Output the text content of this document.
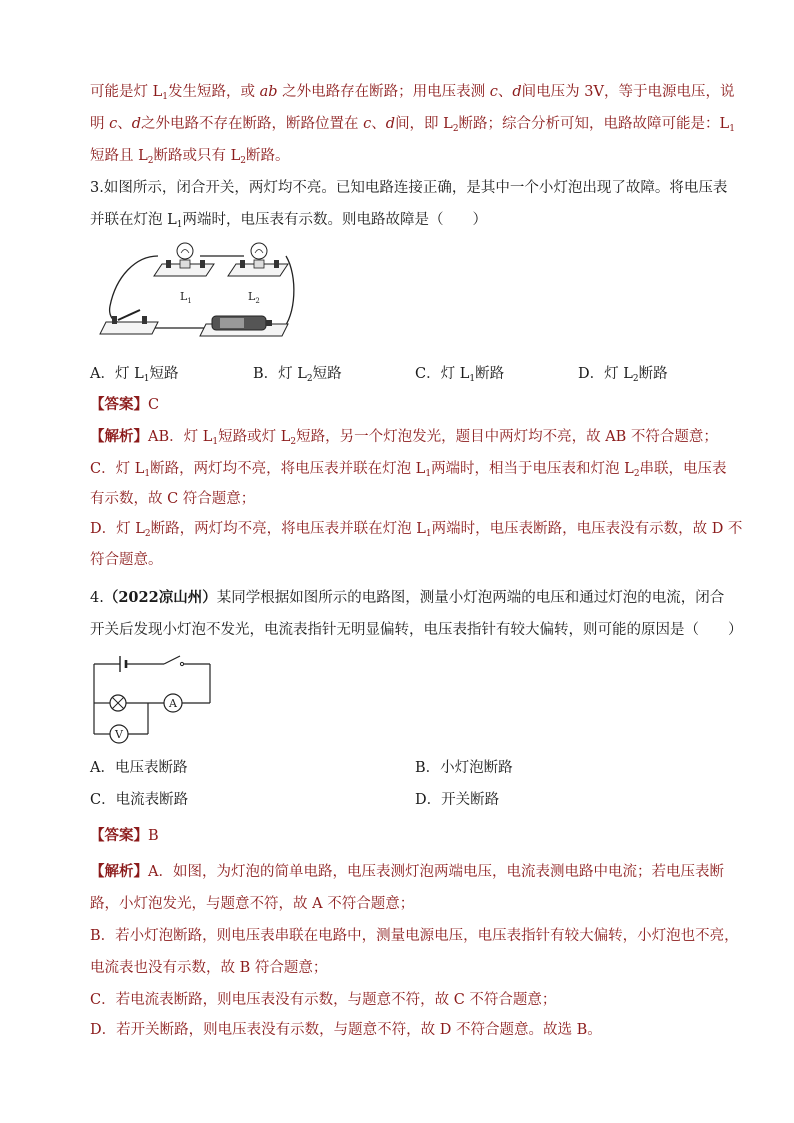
可能是灯 $L_1$发生短路，或 ab 之外电路存在断路；用电压表测 c、d间电压为 3V，等于电源电压，说
明 c、d之外电路不存在断路，断路位置在 c、d间，即 $L_2$断路；综合分析可知，电路故障可能是：$L_1$
短路且 $L_2$断路或只有 $L_2$断路。
3.如图所示，闭合开关，两灯均不亮。已知电路连接正确，是其中一个小灯泡出现了故障。将电压表
并联在灯泡 $L_1$两端时，电压表有示数。则电路故障是（　　）
$L_1$	$L_2$
A．灯 $L_1$短路	B．灯 $L_2$短路	C．灯 $L_1$断路	D．灯 $L_2$断路
【答案】C
【解析】AB．灯 $L_1$短路或灯 $L_2$短路，另一个灯泡发光，题目中两灯均不亮，故 AB 不符合题意；
C．灯 $L_1$断路，两灯均不亮，将电压表并联在灯泡 $L_1$两端时，相当于电压表和灯泡 $L_2$串联，电压表
有示数，故 C 符合题意；
D．灯 $L_2$断路，两灯均不亮，将电压表并联在灯泡 $L_1$两端时，电压表断路，电压表没有示数，故 D 不
符合题意。
4.（2022凉山州）某同学根据如图所示的电路图，测量小灯泡两端的电压和通过灯泡的电流，闭合
开关后发现小灯泡不发光，电流表指针无明显偏转，电压表指针有较大偏转，则可能的原因是（　　）
A
V
A．电压表断路	B．小灯泡断路
C．电流表断路	D．开关断路
【答案】B
【解析】A．如图，为灯泡的简单电路，电压表测灯泡两端电压，电流表测电路中电流；若电压表断
路，小灯泡发光，与题意不符，故 A 不符合题意；
B．若小灯泡断路，则电压表串联在电路中，测量电源电压，电压表指针有较大偏转，小灯泡也不亮，
电流表也没有示数，故 B 符合题意；
C．若电流表断路，则电压表没有示数，与题意不符，故 C 不符合题意；
D．若开关断路，则电压表没有示数，与题意不符，故 D 不符合题意。故选 B。
